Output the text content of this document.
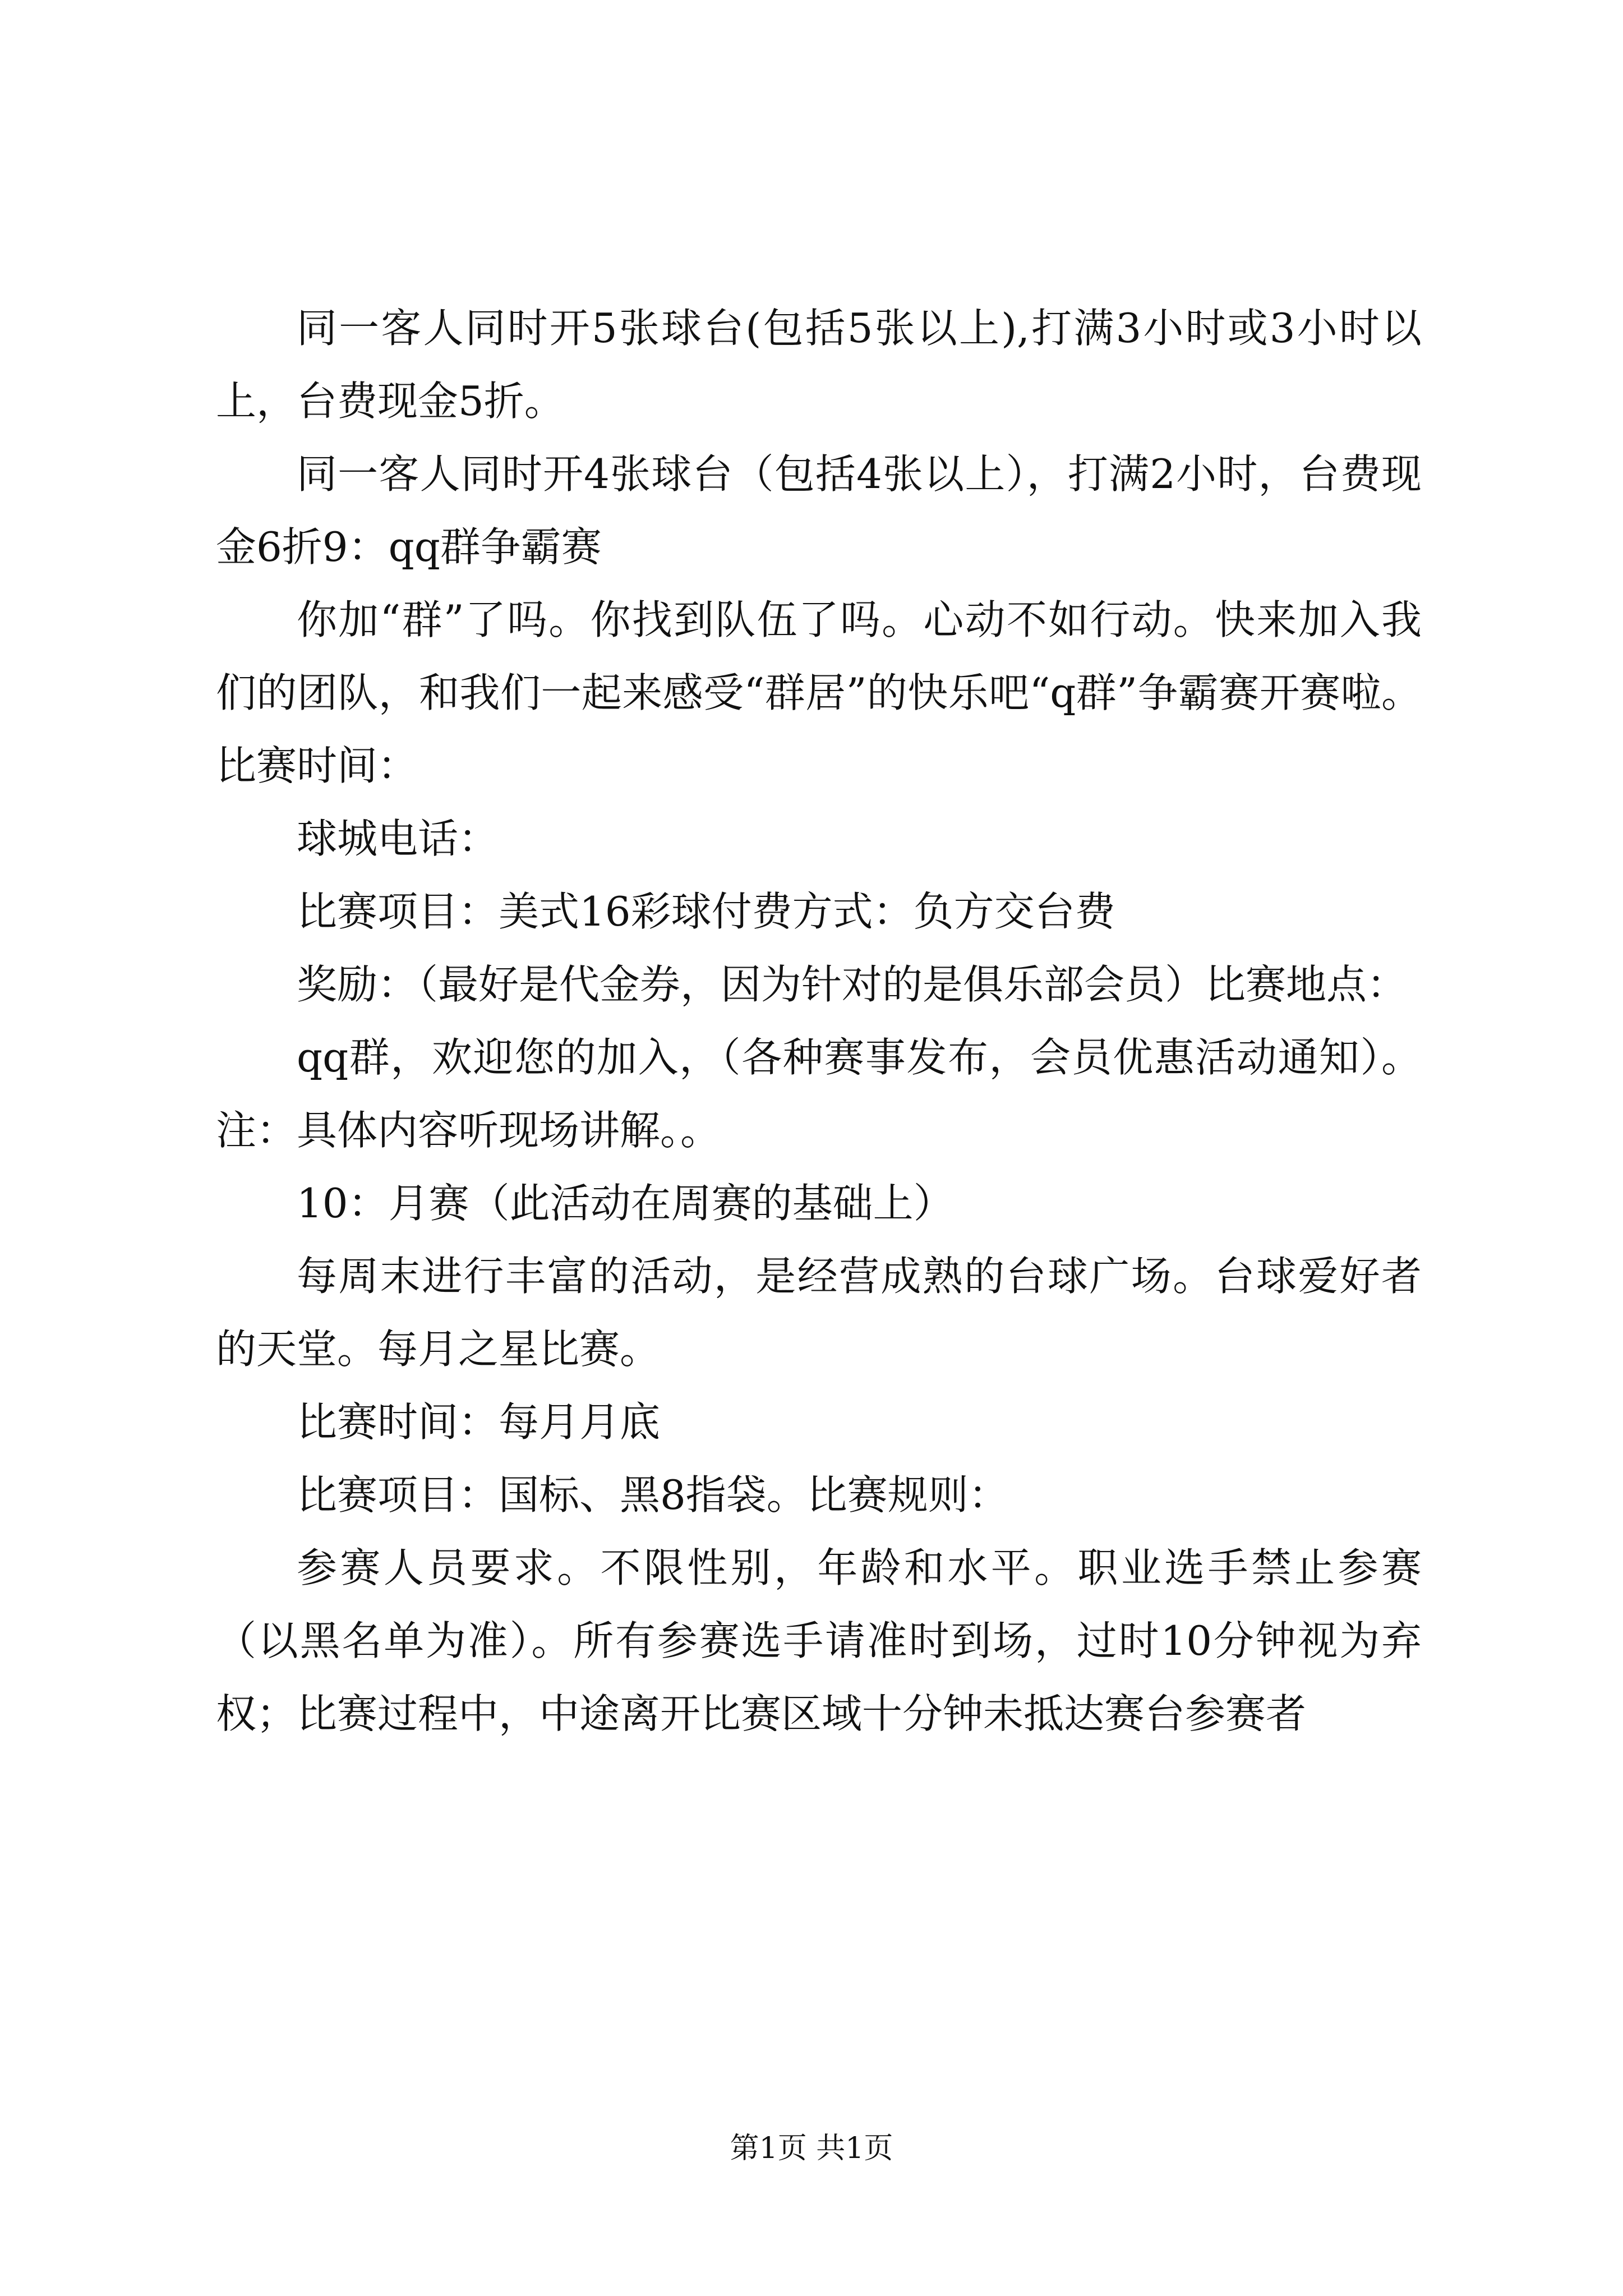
同一客人同时开5张球台(包括5张以上),打满3小时或3小时以上，台费现金5折。

同一客人同时开4张球台（包括4张以上），打满2小时，台费现金6折9：qq群争霸赛

你加“群”了吗。你找到队伍了吗。心动不如行动。快来加入我们的团队，和我们一起来感受“群居”的快乐吧“q群”争霸赛开赛啦。比赛时间：

球城电话：

比赛项目：美式16彩球付费方式：负方交台费

奖励：（最好是代金券，因为针对的是俱乐部会员）比赛地点：

qq群，欢迎您的加入，（各种赛事发布，会员优惠活动通知）。注：具体内容听现场讲解。。

10：月赛（此活动在周赛的基础上）

每周末进行丰富的活动，是经营成熟的台球广场。台球爱好者的天堂。每月之星比赛。

比赛时间：每月月底

比赛项目：国标、黑8指袋。比赛规则：

参赛人员要求。不限性别，年龄和水平。职业选手禁止参赛（以黑名单为准）。所有参赛选手请准时到场，过时10分钟视为弃权；比赛过程中，中途离开比赛区域十分钟未抵达赛台参赛者

第1页 共1页
